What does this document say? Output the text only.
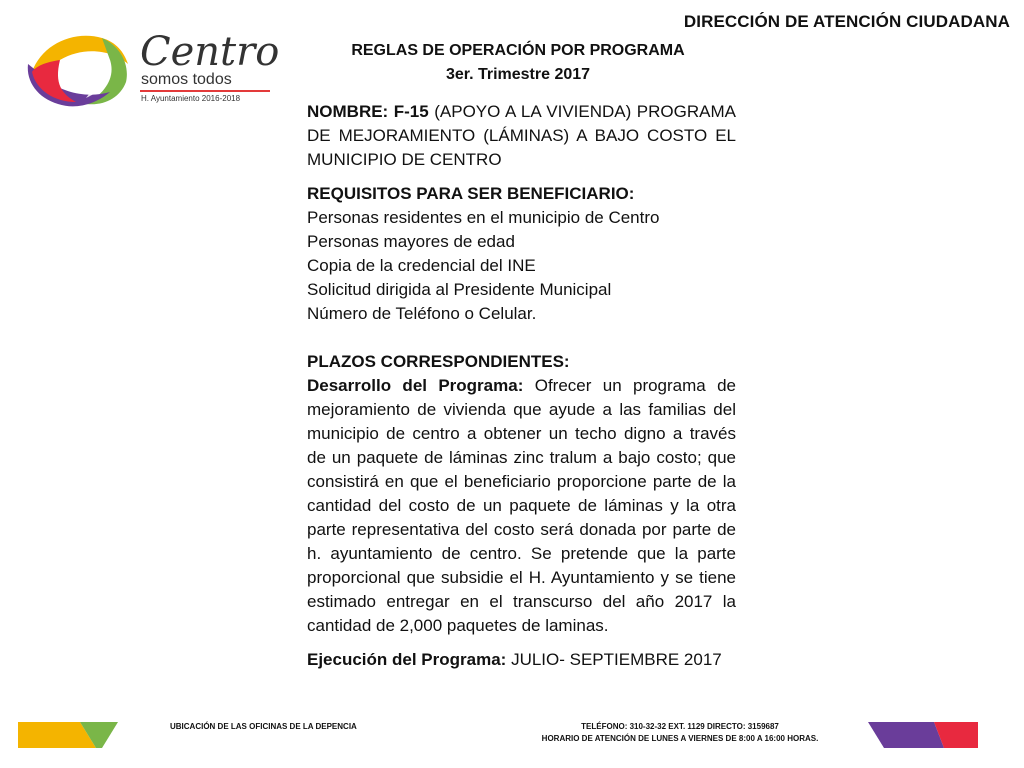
DIRECCIÓN DE ATENCIÓN CIUDADANA
Centro
somos todos
H. Ayuntamiento 2016-2018
REGLAS DE OPERACIÓN POR PROGRAMA
3er. Trimestre 2017
NOMBRE: F-15 (APOYO A LA VIVIENDA) PROGRAMA DE MEJORAMIENTO (LÁMINAS) A BAJO COSTO EL MUNICIPIO DE CENTRO
REQUISITOS PARA SER BENEFICIARIO:
Personas residentes en el municipio de Centro
Personas mayores de edad
Copia de la credencial del INE
Solicitud dirigida al Presidente Municipal
Número de Teléfono o Celular.
PLAZOS CORRESPONDIENTES:
Desarrollo del Programa: Ofrecer un programa de mejoramiento de vivienda que ayude a las familias del municipio de centro a obtener un techo digno a través de un paquete de láminas zinc tralum a bajo costo; que consistirá en que el beneficiario proporcione parte de la cantidad del costo de un paquete de láminas y la otra parte representativa del costo será donada por parte de h. ayuntamiento de centro. Se pretende que la parte proporcional que subsidie el H. Ayuntamiento y se tiene estimado entregar en el transcurso del año 2017 la cantidad de 2,000 paquetes de laminas.
Ejecución del Programa: JULIO- SEPTIEMBRE 2017
UBICACIÓN DE LAS OFICINAS DE LA DEPENCIA	TELÉFONO: 310-32-32 EXT. 1129 DIRECTO: 3159687
HORARIO DE ATENCIÓN DE LUNES A VIERNES DE 8:00 A 16:00 HORAS.
